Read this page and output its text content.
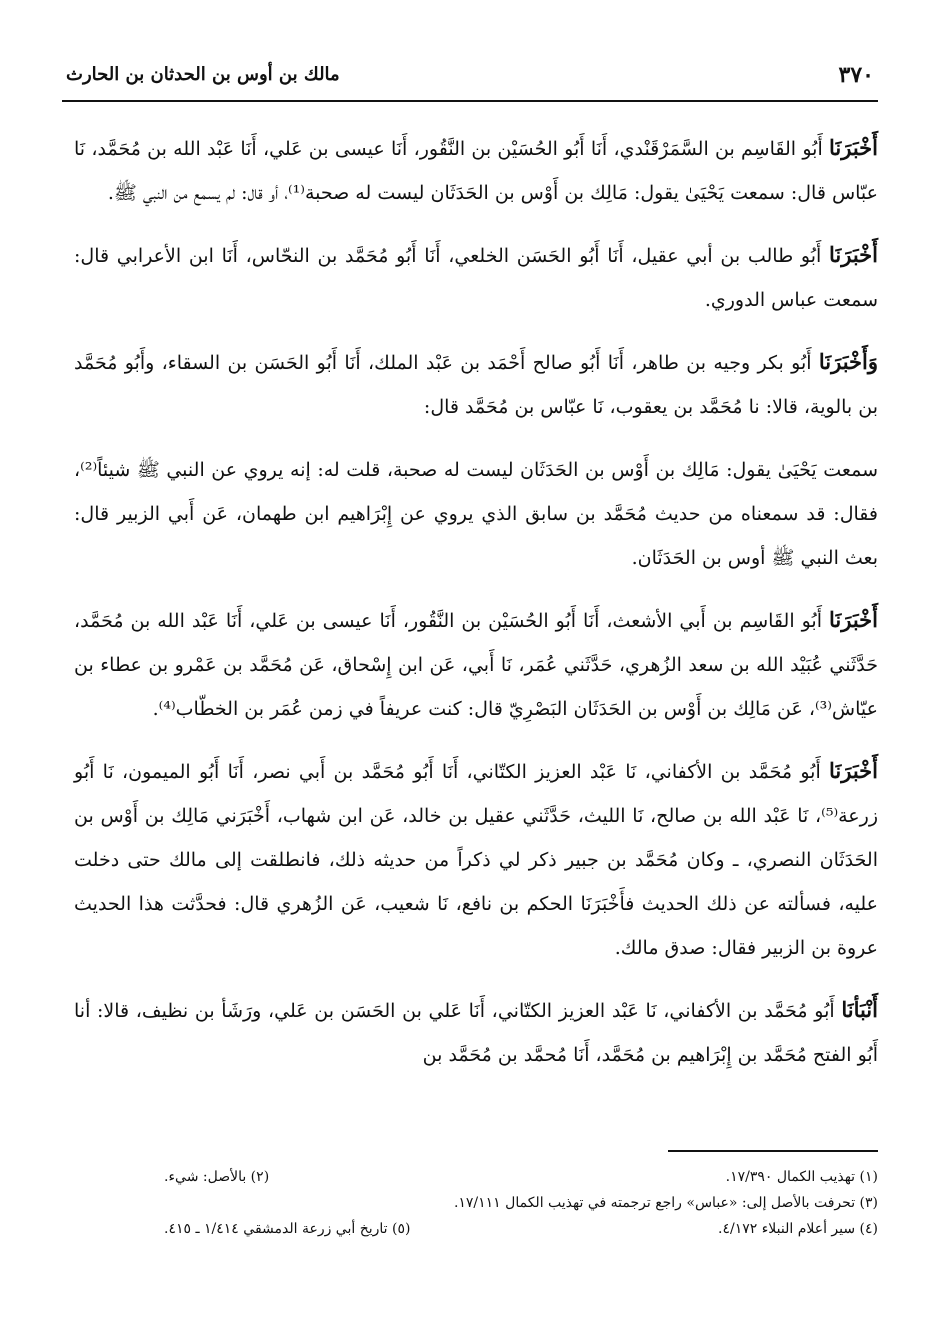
٣٧٠
مالك بن أوس بن الحدثان بن الحارث

أَخْبَرَنَا أَبُو القَاسِم بن السَّمَرْقَنْدي، أَنَا أَبُو الحُسَيْن بن النَّقُور، أَنَا عيسى بن عَلي، أَنَا عَبْد الله بن مُحَمَّد، نَا عبّاس قال: سمعت يَحْيَىٰ يقول: مَالِك بن أَوْس بن الحَدَثَان ليست له صحبة⁽¹⁾، أو قال: لم يسمع من النبي ﷺ.

أَخْبَرَنَا أَبُو طالب بن أبي عقيل، أَنَا أَبُو الحَسَن الخلعي، أَنَا أَبُو مُحَمَّد بن النحّاس، أَنَا ابن الأعرابي قال: سمعت عباس الدوري.

وَأَخْبَرَنَا أَبُو بكر وجيه بن طاهر، أَنَا أَبُو صالح أَحْمَد بن عَبْد الملك، أَنَا أَبُو الحَسَن بن السقاء، وأَبُو مُحَمَّد بن بالوية، قالا: نا مُحَمَّد بن يعقوب، نَا عبّاس بن مُحَمَّد قال:

سمعت يَحْيَىٰ يقول: مَالِك بن أَوْس بن الحَدَثَان ليست له صحبة، قلت له: إنه يروي عن النبي ﷺ شيئاً⁽²⁾، فقال: قد سمعناه من حديث مُحَمَّد بن سابق الذي يروي عن إِبْرَاهيم ابن طهمان، عَن أَبي الزبير قال: بعث النبي ﷺ أوس بن الحَدَثَان.

أَخْبَرَنَا أَبُو القَاسِم بن أَبي الأشعث، أَنَا أَبُو الحُسَيْن بن النَّقُور، أَنَا عيسى بن عَلي، أَنَا عَبْد الله بن مُحَمَّد، حَدَّثَني عُبَيْد الله بن سعد الزُهري، حَدَّثَني عُمَر، نَا أَبي، عَن ابن إِسْحاق، عَن مُحَمَّد بن عَمْرو بن عطاء بن عيّاش⁽³⁾، عَن مَالِك بن أَوْس بن الحَدَثَان البَصْرِيّ قال: كنت عريفاً في زمن عُمَر بن الخطّاب⁽⁴⁾.

أَخْبَرَنَا أَبُو مُحَمَّد بن الأكفاني، نَا عَبْد العزيز الكتّاني، أَنَا أَبُو مُحَمَّد بن أَبي نصر، أَنَا أَبُو الميمون، نَا أَبُو زرعة⁽⁵⁾، نَا عَبْد الله بن صالح، نَا الليث، حَدَّثَني عقيل بن خالد، عَن ابن شهاب، أَخْبَرَني مَالِك بن أَوْس بن الحَدَثَان النصري، ـ وكان مُحَمَّد بن جبير ذكر لي ذكراً من حديثه ذلك، فانطلقت إلى مالك حتى دخلت عليه، فسألته عن ذلك الحديث فأَخْبَرَنَا الحكم بن نافع، نَا شعيب، عَن الزُهري قال: فحدَّثت هذا الحديث عروة بن الزبير فقال: صدق مالك.

أَنْبَأنَا أَبُو مُحَمَّد بن الأكفاني، نَا عَبْد العزيز الكتّاني، أَنَا عَلي بن الحَسَن بن عَلي، ورَشَأ بن نظيف، قالا: أنا أَبُو الفتح مُحَمَّد بن إِبْرَاهيم بن مُحَمَّد، أَنَا مُحمَّد بن مُحَمَّد بن

(١) تهذيب الكمال ١٧/٣٩٠.
(٢) بالأصل: شيء.
(٣) تحرفت بالأصل إلى: «عباس» راجع ترجمته في تهذيب الكمال ١٧/١١١.
(٤) سير أعلام النبلاء ٤/١٧٢.
(٥) تاريخ أبي زرعة الدمشقي ١/٤١٤ ـ ٤١٥.
